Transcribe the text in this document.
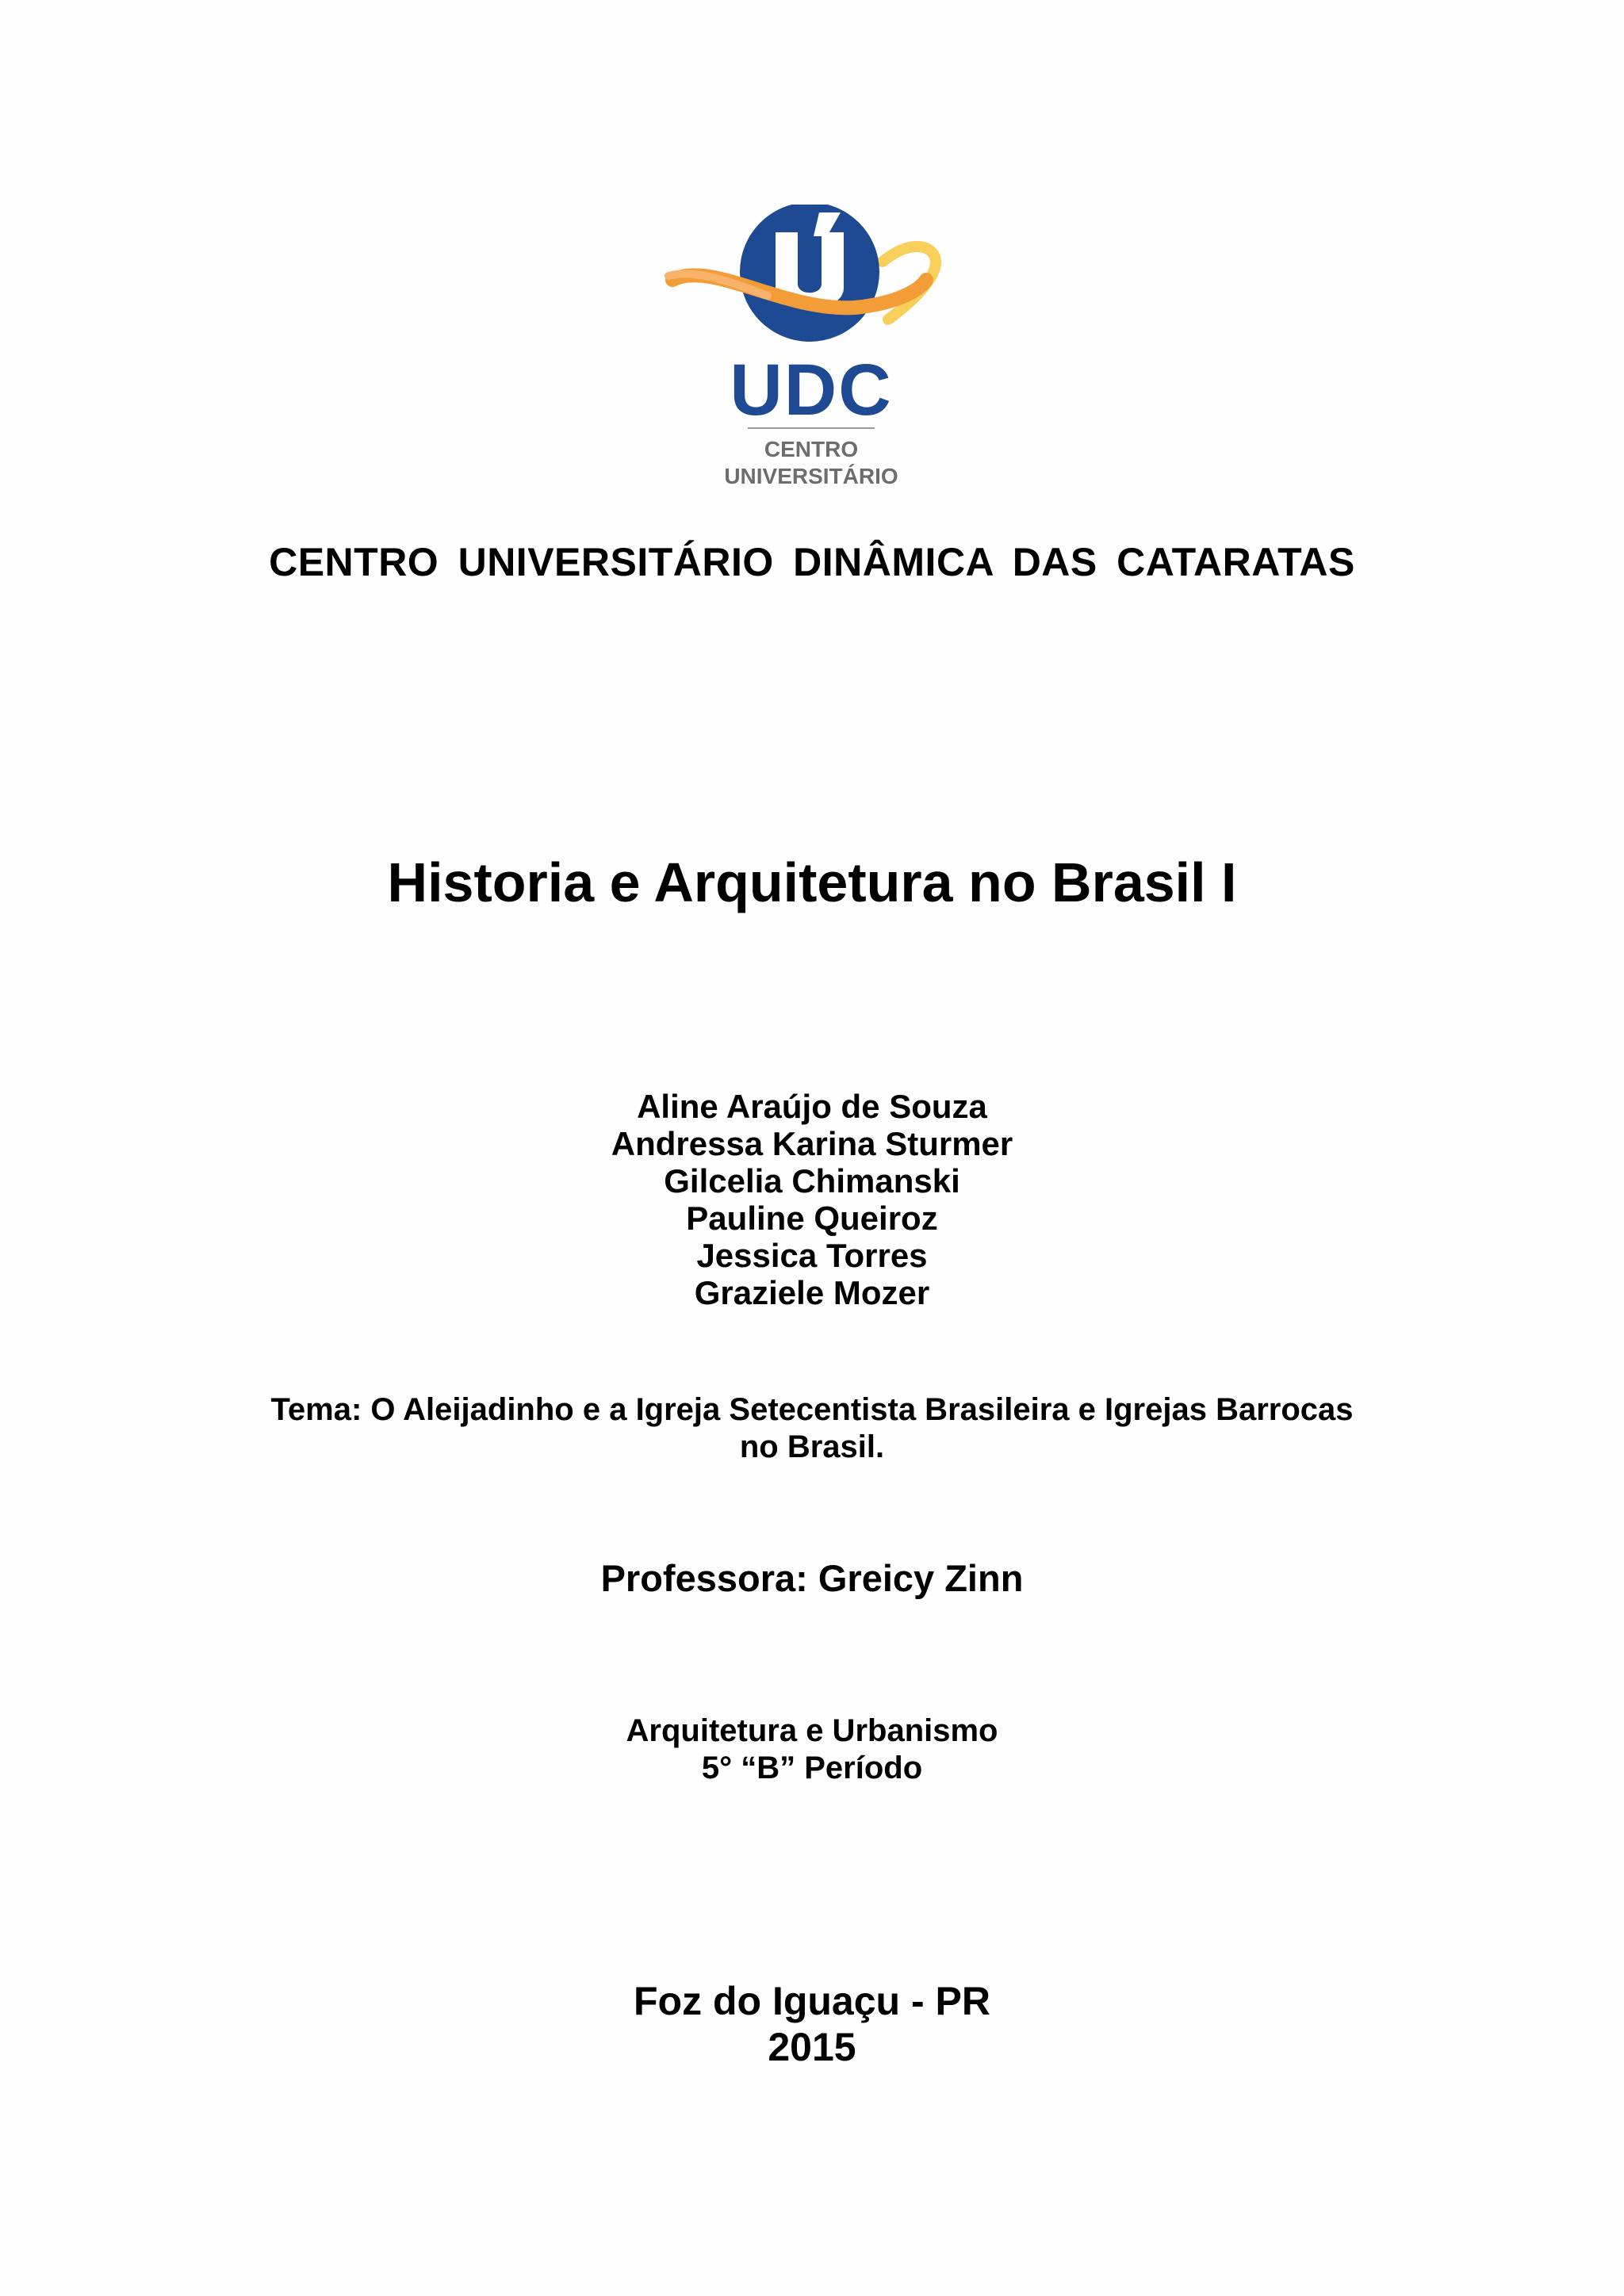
UDC
CENTRO
UNIVERSITÁRIO
CENTRO UNIVERSITÁRIO DINÂMICA DAS CATARATAS
Historia e Arquitetura no Brasil I
Aline Araújo de Souza
Andressa Karina Sturmer
Gilcelia Chimanski
Pauline Queiroz
Jessica Torres
Graziele Mozer
Tema: O Aleijadinho e a Igreja Setecentista Brasileira e Igrejas Barrocas
no Brasil.
Professora: Greicy Zinn
Arquitetura e Urbanismo
5° “B” Período
Foz do Iguaçu - PR
2015
